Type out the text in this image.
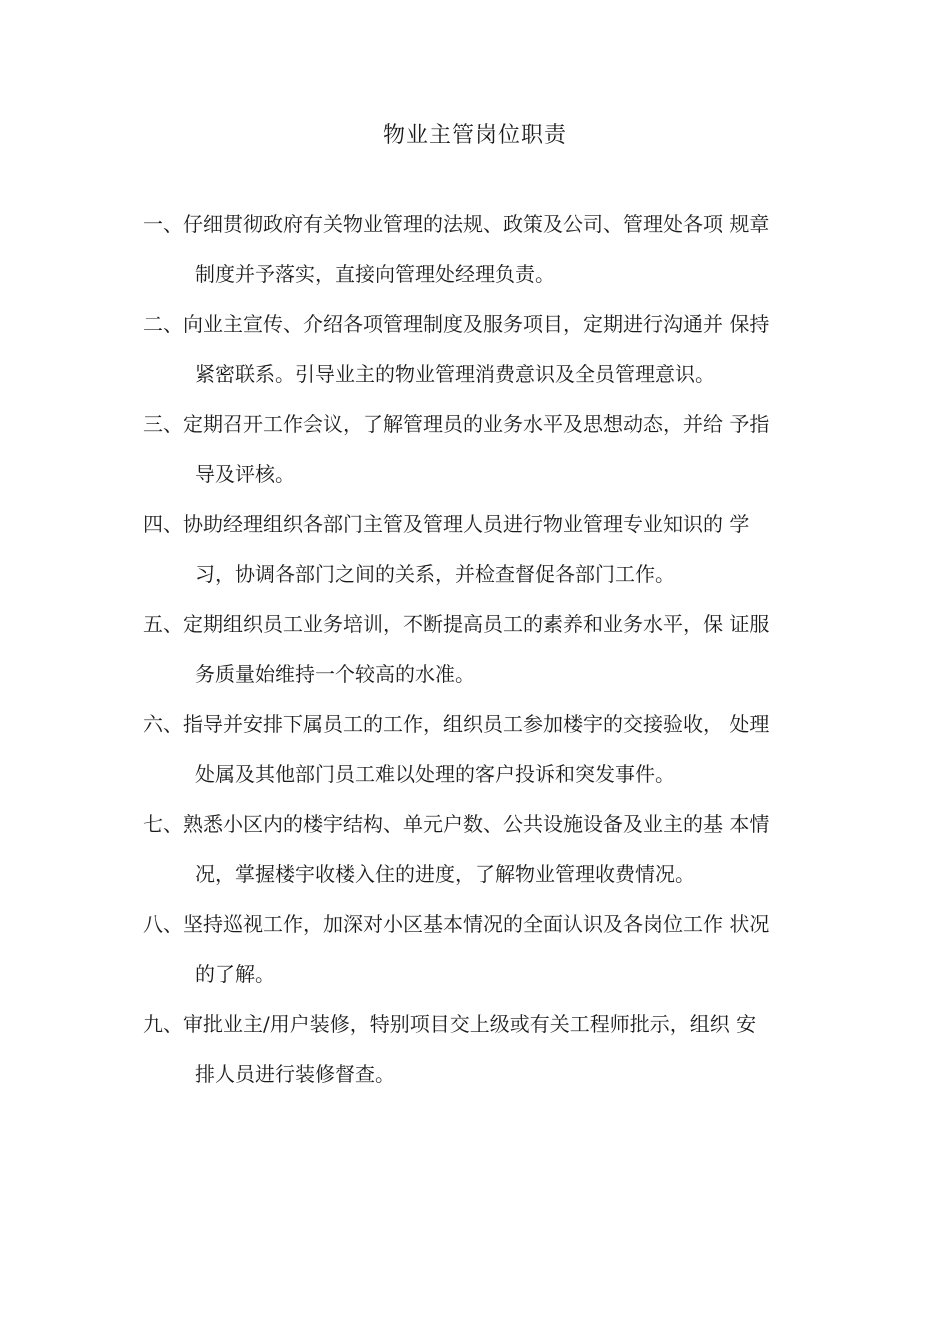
物业主管岗位职责
一、仔细贯彻政府有关物业管理的法规、政策及公司、管理处各项 规章
制度并予落实，直接向管理处经理负责。
二、向业主宣传、介绍各项管理制度及服务项目，定期进行沟通并 保持
紧密联系。引导业主的物业管理消费意识及全员管理意识。
三、定期召开工作会议，了解管理员的业务水平及思想动态，并给 予指
导及评核。
四、协助经理组织各部门主管及管理人员进行物业管理专业知识的 学
习，协调各部门之间的关系，并检查督促各部门工作。
五、定期组织员工业务培训，不断提高员工的素养和业务水平，保 证服
务质量始维持一个较高的水准。
六、指导并安排下属员工的工作，组织员工参加楼宇的交接验收， 处理
处属及其他部门员工难以处理的客户投诉和突发事件。
七、熟悉小区内的楼宇结构、单元户数、公共设施设备及业主的基 本情
况，掌握楼宇收楼入住的进度，了解物业管理收费情况。
八、坚持巡视工作，加深对小区基本情况的全面认识及各岗位工作 状况
的了解。
九、审批业主/用户装修，特别项目交上级或有关工程师批示，组织 安
排人员进行装修督查。
